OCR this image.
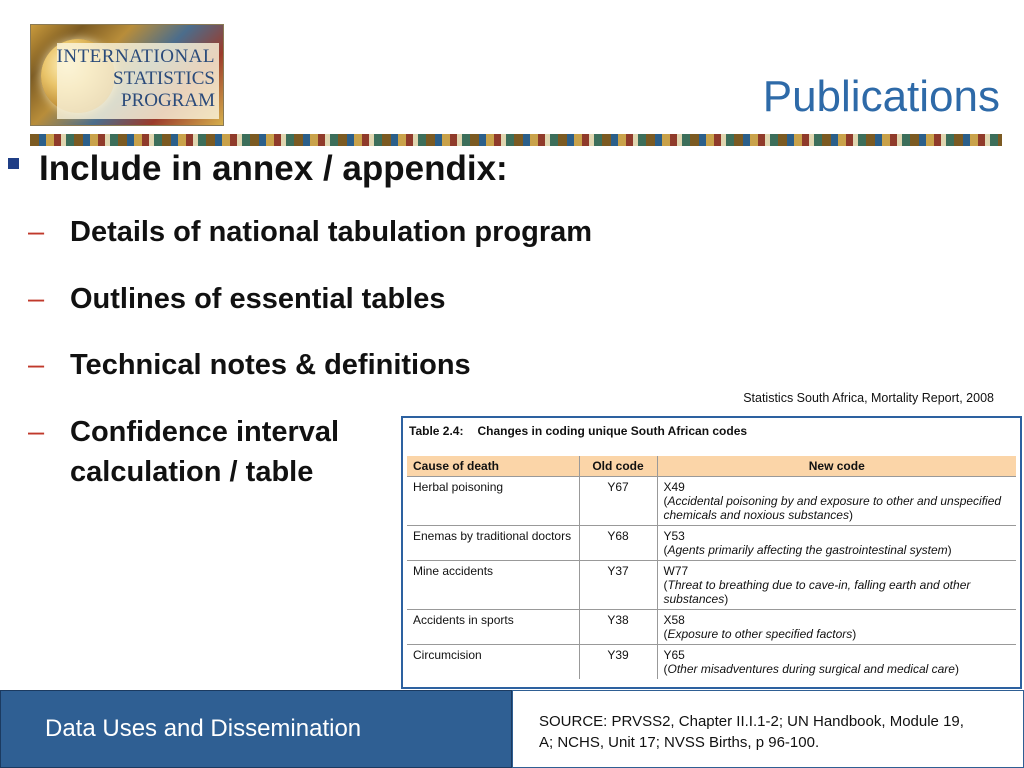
INTERNATIONAL
STATISTICS
PROGRAM	Publications
Include in annex / appendix:
– Details of national tabulation program
– Outlines of essential tables
– Technical notes & definitions
– Confidence interval calculation / table
Statistics South Africa, Mortality Report, 2008
Table 2.4: Changes in coding unique South African codes
Cause of death	Old code	New code
Herbal poisoning	Y67	X49
(Accidental poisoning by and exposure to other and unspecified chemicals and noxious substances)

Enemas by traditional doctors	Y68	Y53
(Agents primarily affecting the gastrointestinal system)

Mine accidents	Y37	W77
(Threat to breathing due to cave-in, falling earth and other substances)

Accidents in sports	Y38	X58
(Exposure to other specified factors)

Circumcision	Y39	Y65
(Other misadventures during surgical and medical care)
Data Uses and Dissemination	SOURCE: PRVSS2, Chapter II.I.1-2; UN Handbook, Module 19, A; NCHS, Unit 17; NVSS Births, p 96-100.
